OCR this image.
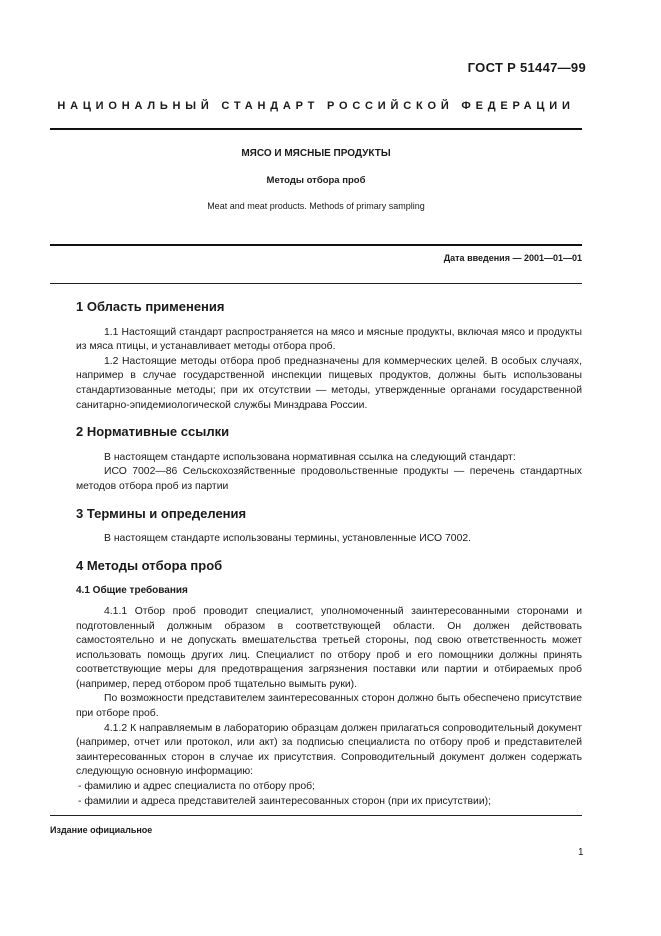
ГОСТ Р 51447—99
НАЦИОНАЛЬНЫЙ СТАНДАРТ РОССИЙСКОЙ ФЕДЕРАЦИИ
МЯСО И МЯСНЫЕ ПРОДУКТЫ
Методы отбора проб
Meat and meat products. Methods of primary sampling
Дата введения — 2001—01—01

1 Область применения

1.1 Настоящий стандарт распространяется на мясо и мясные продукты, включая мясо и продукты из мяса птицы, и устанавливает методы отбора проб.

1.2 Настоящие методы отбора проб предназначены для коммерческих целей. В особых случаях, например в случае государственной инспекции пищевых продуктов, должны быть использованы стандартизованные методы; при их отсутствии — методы, утвержденные органами государственной санитарно-эпидемиологической службы Минздрава России.

2 Нормативные ссылки

В настоящем стандарте использована нормативная ссылка на следующий стандарт:

ИСО 7002—86 Сельскохозяйственные продовольственные продукты — перечень стандартных методов отбора проб из партии

3 Термины и определения

В настоящем стандарте использованы термины, установленные ИСО 7002.

4 Методы отбора проб

4.1 Общие требования

4.1.1 Отбор проб проводит специалист, уполномоченный заинтересованными сторонами и подготовленный должным образом в соответствующей области. Он должен действовать самостоятельно и не допускать вмешательства третьей стороны, под свою ответственность может использовать помощь других лиц. Специалист по отбору проб и его помощники должны принять соответствующие меры для предотвращения загрязнения поставки или партии и отбираемых проб (например, перед отбором проб тщательно вымыть руки).

По возможности представителем заинтересованных сторон должно быть обеспечено присутствие при отборе проб.

4.1.2 К направляемым в лабораторию образцам должен прилагаться сопроводительный документ (например, отчет или протокол, или акт) за подписью специалиста по отбору проб и представителей заинтересованных сторон в случае их присутствия. Сопроводительный документ должен содержать следующую основную информацию:

- фамилию и адрес специалиста по отбору проб;

- фамилии и адреса представителей заинтересованных сторон (при их присутствии);

Издание официальное
1
